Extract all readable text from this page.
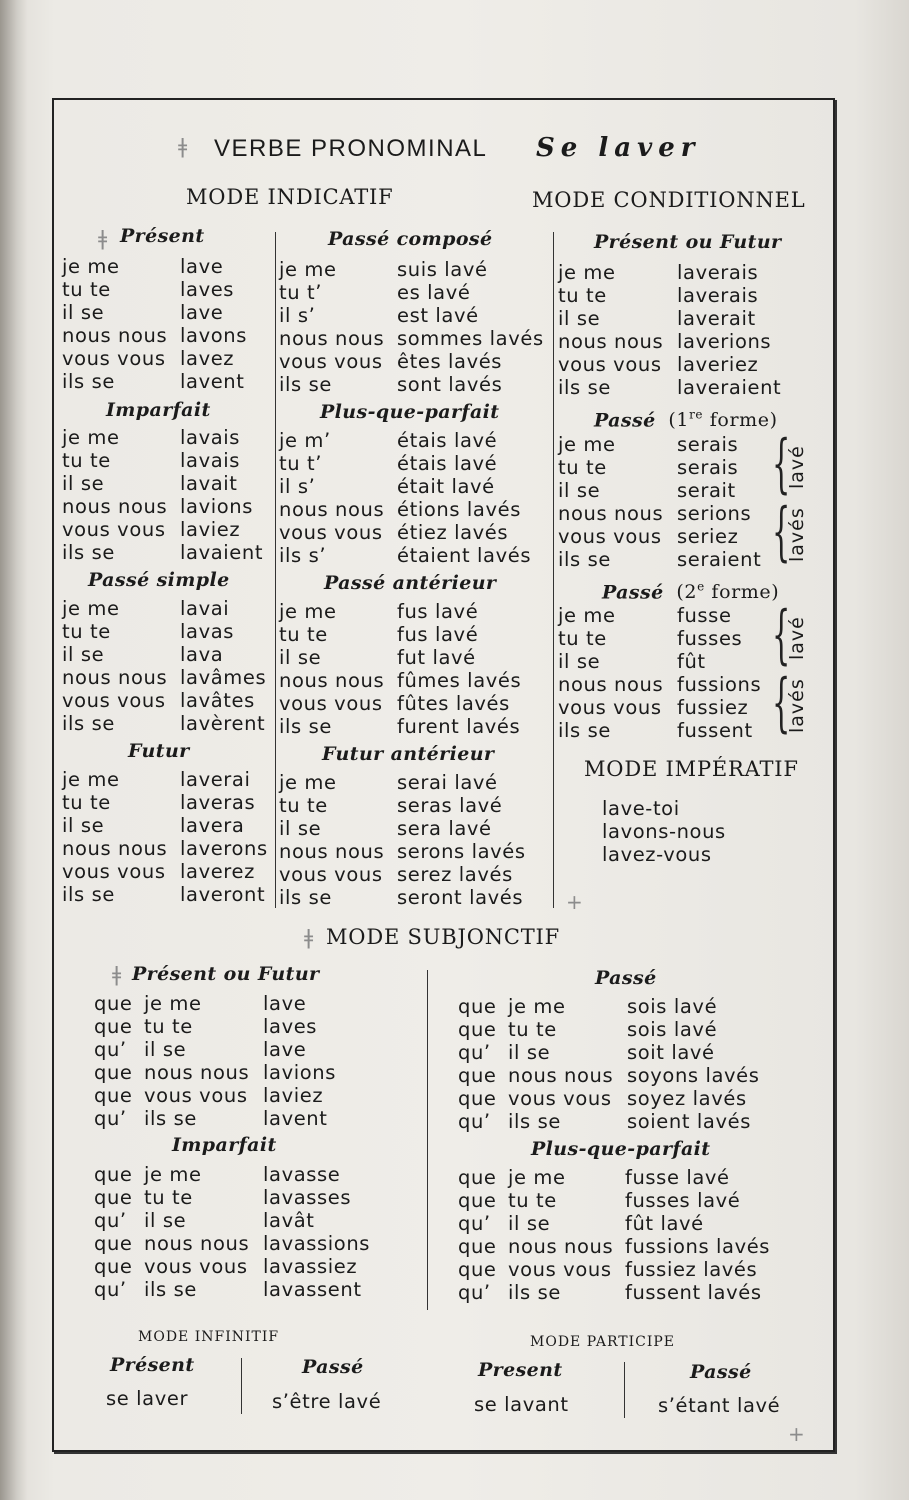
ǂ VERBE PRONOMINAL Se laver
MODE INDICATIF	MODE CONDITIONNEL
ǂ Présent
je me
tu te
il se
nous nous
vous vous
ils se
lave
laves
lave
lavons
lavez
lavent
Imparfait
je me
tu te
il se
nous nous
vous vous
ils se
lavais
lavais
lavait
lavions
laviez
lavaient
Passé simple
je me
tu te
il se
nous nous
vous vous
ils se
lavai
lavas
lava
lavâmes
lavâtes
lavèrent
Futur
je me
tu te
il se
nous nous
vous vous
ils se
laverai
laveras
lavera
laverons
laverez
laveront
Passé composé
je me
tu t’
il s’
nous nous
vous vous
ils se
suis lavé
es lavé
est lavé
sommes lavés
êtes lavés
sont lavés
Plus-que-parfait
je m’
tu t’
il s’
nous nous
vous vous
ils s’
étais lavé
étais lavé
était lavé
étions lavés
étiez lavés
étaient lavés
Passé antérieur
je me
tu te
il se
nous nous
vous vous
ils se
fus lavé
fus lavé
fut lavé
fûmes lavés
fûtes lavés
furent lavés
Futur antérieur
je me
tu te
il se
nous nous
vous vous
ils se
serai lavé
seras lavé
sera lavé
serons lavés
serez lavés
seront lavés
Présent ou Futur
je me
tu te
il se
nous nous
vous vous
ils se
laverais
laverais
laverait
laverions
laveriez
laveraient
Passé (1re forme)
je me
tu te
il se
nous nous
vous vous
ils se
serais
serais
serait
serions
seriez
seraient
{
lavé
{
lavés
Passé (2e forme)
je me
tu te
il se
nous nous
vous vous
ils se
fusse
fusses
fût
fussions
fussiez
fussent
{
lavé
{
lavés
MODE IMPÉRATIF
lave-toi
lavons-nous
lavez-vous
+
ǂ MODE SUBJONCTIF
ǂ Présent ou Futur
que
que
qu’
que
que
qu’
je me
tu te
il se
nous nous
vous vous
ils se
lave
laves
lave
lavions
laviez
lavent
Imparfait
que
que
qu’
que
que
qu’
je me
tu te
il se
nous nous
vous vous
ils se
lavasse
lavasses
lavât
lavassions
lavassiez
lavassent
Passé
que
que
qu’
que
que
qu’
je me
tu te
il se
nous nous
vous vous
ils se
sois lavé
sois lavé
soit lavé
soyons lavés
soyez lavés
soient lavés
Plus-que-parfait
que
que
qu’
que
que
qu’
je me
tu te
il se
nous nous
vous vous
ils se
fusse lavé
fusses lavé
fût lavé
fussions lavés
fussiez lavés
fussent lavés
MODE INFINITIF	MODE PARTICIPE
Présent
se laver
Passé
s’être lavé
Present
se lavant
Passé
s’étant lavé
+
